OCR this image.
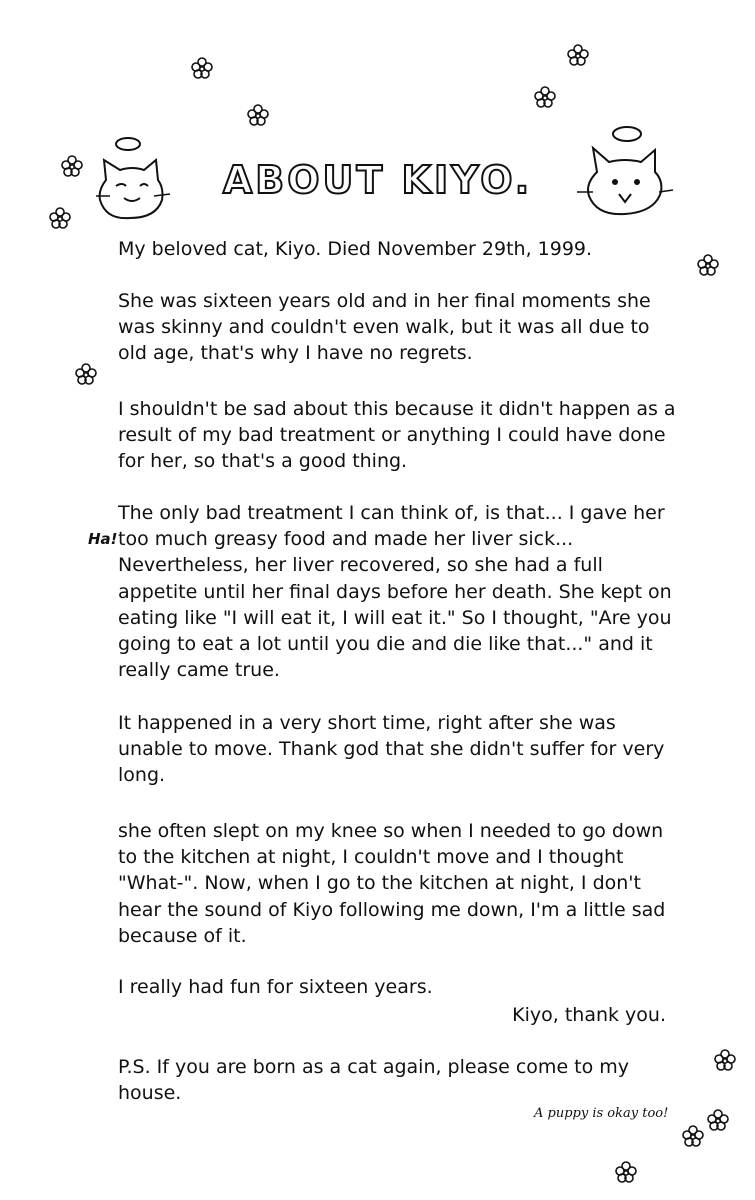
ABOUT KIYO.

My beloved cat, Kiyo. Died November 29th, 1999.

She was sixteen years old and in her final moments she was skinny and couldn't even walk, but it was all due to old age, that's why I have no regrets.

I shouldn't be sad about this because it didn't happen as a result of my bad treatment or anything I could have done for her, so that's a good thing.

The only bad treatment I can think of, is that... I gave her too much greasy food and made her liver sick... Nevertheless, her liver recovered, so she had a full appetite until her final days before her death. She kept on eating like "I will eat it, I will eat it." So I thought, "Are you going to eat a lot until you die and die like that..." and it really came true.

It happened in a very short time, right after she was unable to move. Thank god that she didn't suffer for very long.

she often slept on my knee so when I needed to go down to the kitchen at night, I couldn't move and I thought "What-". Now, when I go to the kitchen at night, I don't hear the sound of Kiyo following me down, I'm a little sad because of it.

I really had fun for sixteen years.

Kiyo, thank you.

P.S. If you are born as a cat again, please come to my house.

Ha!
A puppy is okay too!
